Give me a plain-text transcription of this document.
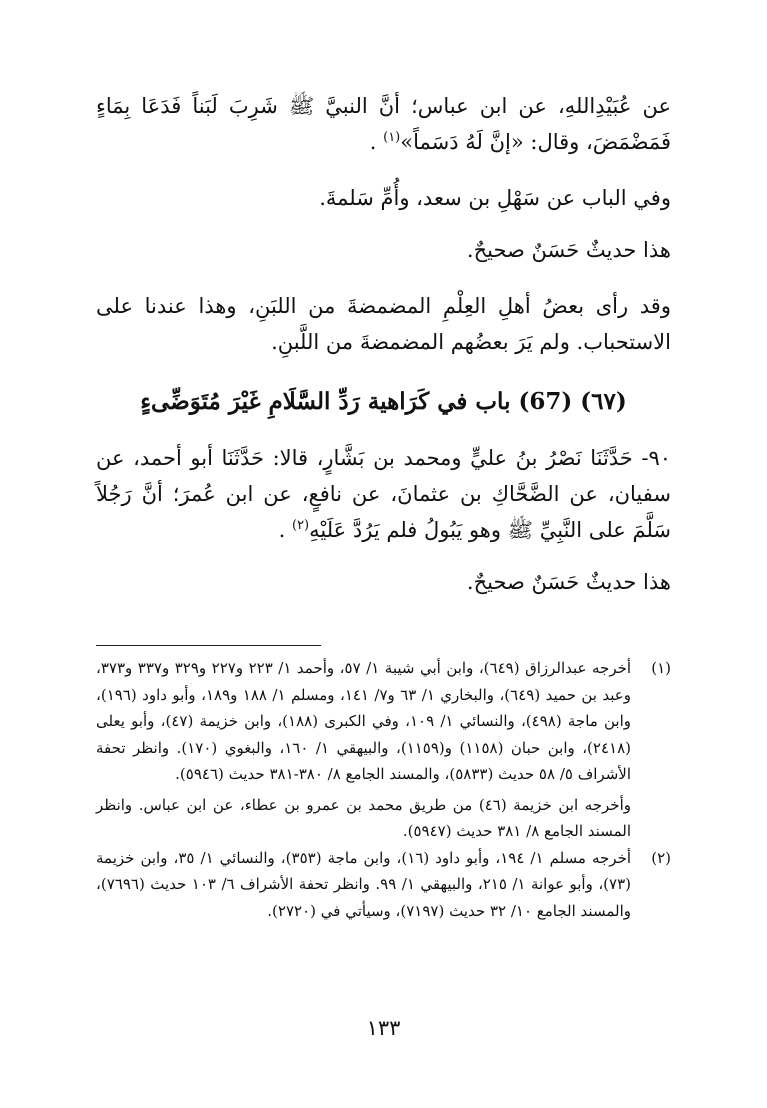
عن عُبَيْدِاللهِ، عن ابن عباس؛ أنَّ النبيَّ ﷺ شَرِبَ لَبَناً فَدَعَا بِمَاءٍ فَمَضْمَضَ، وقال: «إنَّ لَهُ دَسَماً»$^{(١)}$ .

وفي الباب عن سَهْلِ بن سعد، وأُمِّ سَلمةَ.

هذا حديثٌ حَسَنٌ صحيحٌ.

وقد رأى بعضُ أهلِ العِلْمِ المضمضةَ من اللبَنِ، وهذا عندنا على الاستحباب. ولم يَرَ بعضُهم المضمضةَ من اللَّبنِ.

(٦٧) (67) باب في كَرَاهية رَدِّ السَّلَامِ غَيْرَ مُتَوَضِّىءٍ

٩٠- حَدَّثَنَا نَصْرُ بنُ عليٍّ ومحمد بن بَشَّارٍ، قالا: حَدَّثَنَا أبو أحمد، عن سفيان، عن الضَّحَّاكِ بن عثمانَ، عن نافعٍ، عن ابن عُمرَ؛ أنَّ رَجُلاً سَلَّمَ على النَّبِيِّ ﷺ وهو يَبُولُ فلم يَرُدَّ عَلَيْهِ$^{(٢)}$ .

هذا حديثٌ حَسَنٌ صحيحٌ.

(١)

أخرجه عبدالرزاق (٦٤٩)، وابن أبي شيبة ١/ ٥٧، وأحمد ١/ ٢٢٣ و٢٢٧ و٣٢٩ و٣٣٧ و٣٧٣، وعبد بن حميد (٦٤٩)، والبخاري ١/ ٦٣ و٧/ ١٤١، ومسلم ١/ ١٨٨ و١٨٩، وأبو داود (١٩٦)، وابن ماجة (٤٩٨)، والنسائي ١/ ١٠٩، وفي الكبرى (١٨٨)، وابن خزيمة (٤٧)، وأبو يعلى (٢٤١٨)، وابن حبان (١١٥٨) و(١١٥٩)، والبيهقي ١/ ١٦٠، والبغوي (١٧٠). وانظر تحفة الأشراف ٥/ ٥٨ حديث (٥٨٣٣)، والمسند الجامع ٨/ ٣٨٠-٣٨١ حديث (٥٩٤٦).

وأخرجه ابن خزيمة (٤٦) من طريق محمد بن عمرو بن عطاء، عن ابن عباس. وانظر المسند الجامع ٨/ ٣٨١ حديث (٥٩٤٧).

(٢)

أخرجه مسلم ١/ ١٩٤، وأبو داود (١٦)، وابن ماجة (٣٥٣)، والنسائي ١/ ٣٥، وابن خزيمة (٧٣)، وأبو عوانة ١/ ٢١٥، والبيهقي ١/ ٩٩. وانظر تحفة الأشراف ٦/ ١٠٣ حديث (٧٦٩٦)، والمسند الجامع ١٠/ ٣٢ حديث (٧١٩٧)، وسيأتي في (٢٧٢٠).

١٣٣
